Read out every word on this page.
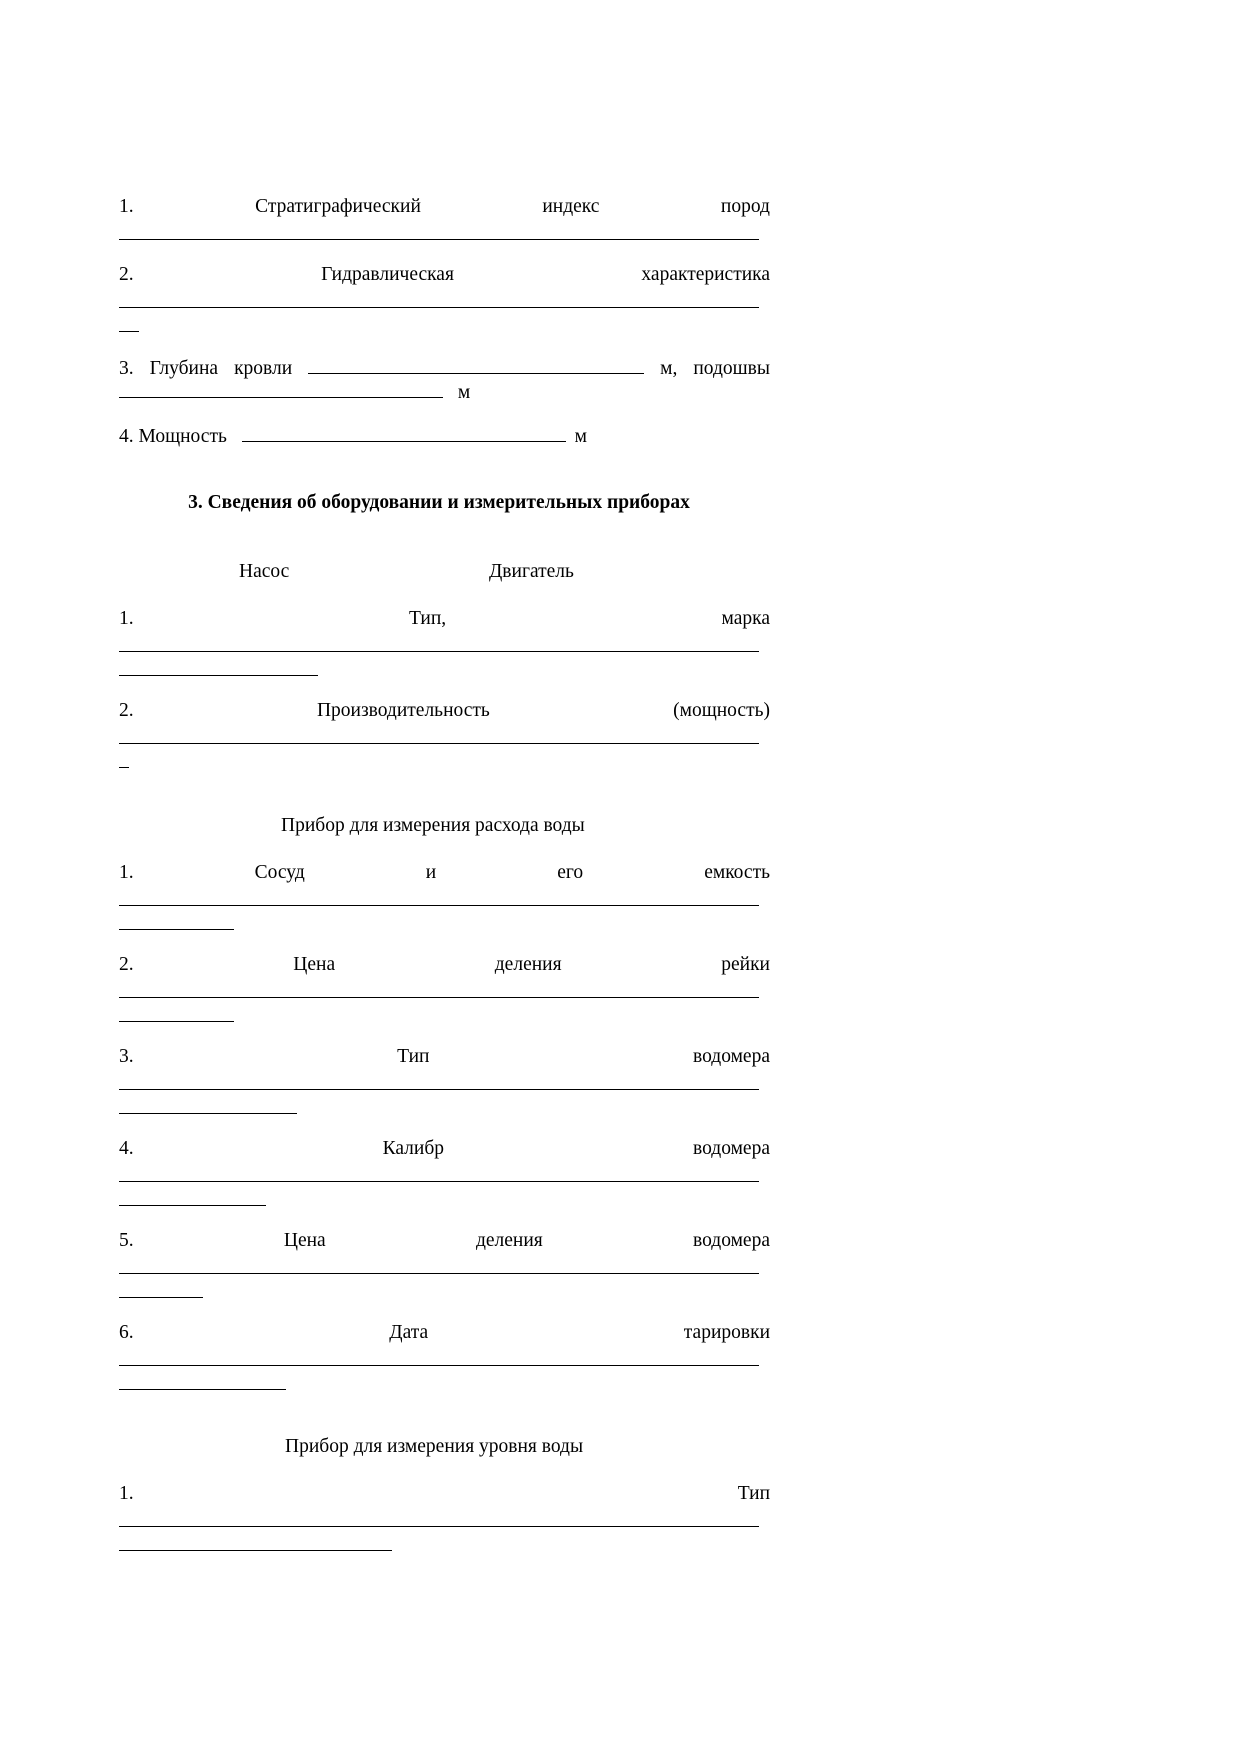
1.	Стратиграфический	индекс	пород
2.	Гидравлическая	характеристика
3. Глубина кровли	м, подошвы
м
4. Мощность	м
3. Сведения об оборудовании и измерительных приборах
Насос	Двигатель
1.	Тип,	марка
2.	Производительность	(мощность)
Прибор для измерения расхода воды
1.	Сосуд	и	его	емкость
2.	Цена	деления	рейки
3.	Тип	водомера
4.	Калибр	водомера
5.	Цена	деления	водомера
6.	Дата	тарировки
Прибор для измерения уровня воды
1.	Тип
